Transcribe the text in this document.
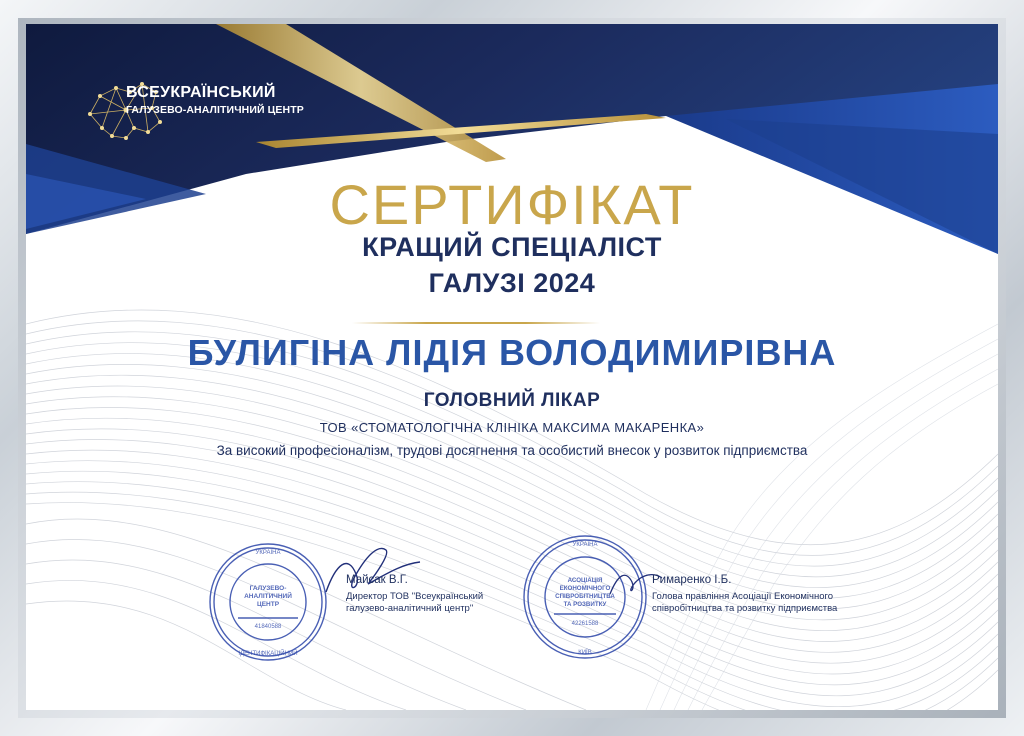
ВСЕУКРАЇНСЬКИЙ
ГАЛУЗЕВО-АНАЛІТИЧНИЙ ЦЕНТР
СЕРТИФІКАТ
КРАЩИЙ СПЕЦІАЛІСТ
ГАЛУЗІ 2024
БУЛИГІНА ЛІДІЯ ВОЛОДИМИРІВНА
ГОЛОВНИЙ ЛІКАР
ТОВ «СТОМАТОЛОГІЧНА КЛІНІКА МАКСИМА МАКАРЕНКА»
За високий професіоналізм, трудові досягнення та особистий внесок у розвиток підприємства
УКРАЇНА
ІДЕНТИФІКАЦІЙНИЙ
ГАЛУЗЕВО-
АНАЛІТИЧНИЙ
ЦЕНТР
41840588
Майсак В.Г.
Директор ТОВ "Всеукраїнський
галузево-аналітичний центр"
УКРАЇНА
КИЇВ
АСОЦІАЦІЯ
ЕКОНОМІЧНОГО
СПІВРОБІТНИЦТВА
ТА РОЗВИТКУ
42261588
Римаренко І.Б.
Голова правління Асоціації Економічного
співробітництва та розвитку підприємства
